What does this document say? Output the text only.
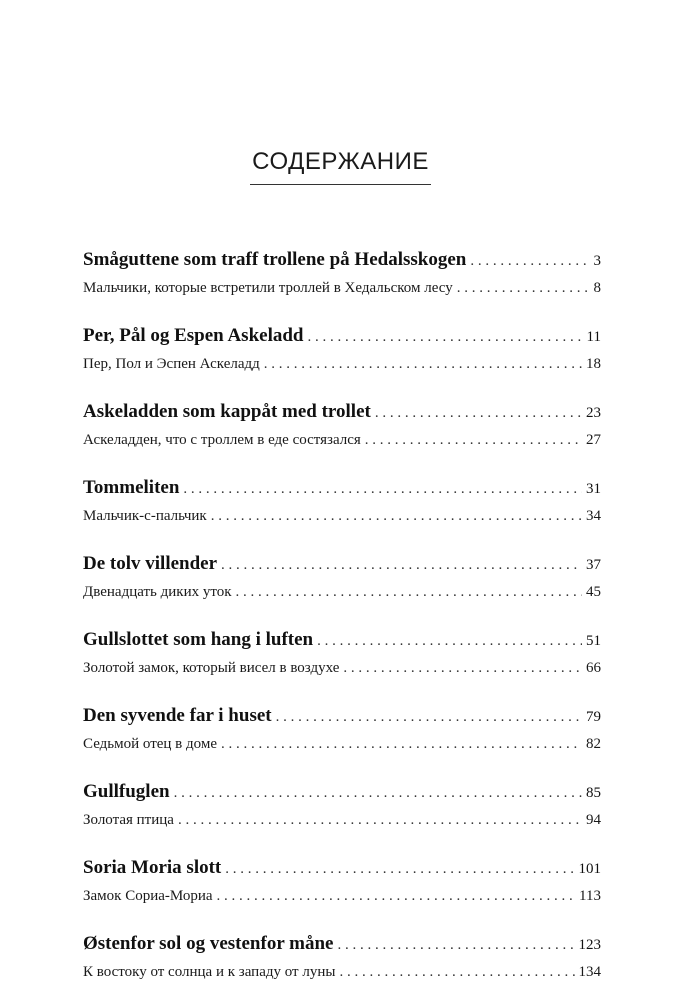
СОДЕРЖАНИЕ
Småguttene som traff trollene på Hedalsskogen . . .	3
Мальчики, которые встретили троллей в Хедальском лесу . . .	8
Per, Pål og Espen Askeladd . . .	11
Пер, Пол и Эспен Аскеладд . . .	18
Askeladden som kappåt med trollet . . .	23
Аскеладден, что с троллем в еде состязался . . .	27
Tommeliten . . .	31
Мальчик-с-пальчик . . .	34
De tolv villender . . .	37
Двенадцать диких уток . . .	45
Gullslottet som hang i luften . . .	51
Золотой замок, который висел в воздухе . . .	66
Den syvende far i huset . . .	79
Седьмой отец в доме . . .	82
Gullfuglen . . .	85
Золотая птица . . .	94
Soria Moria slott . . .	101
Замок Сориа-Мориа . . .	113
Østenfor sol og vestenfor måne . . .	123
К востоку от солнца и к западу от луны . . .	134
